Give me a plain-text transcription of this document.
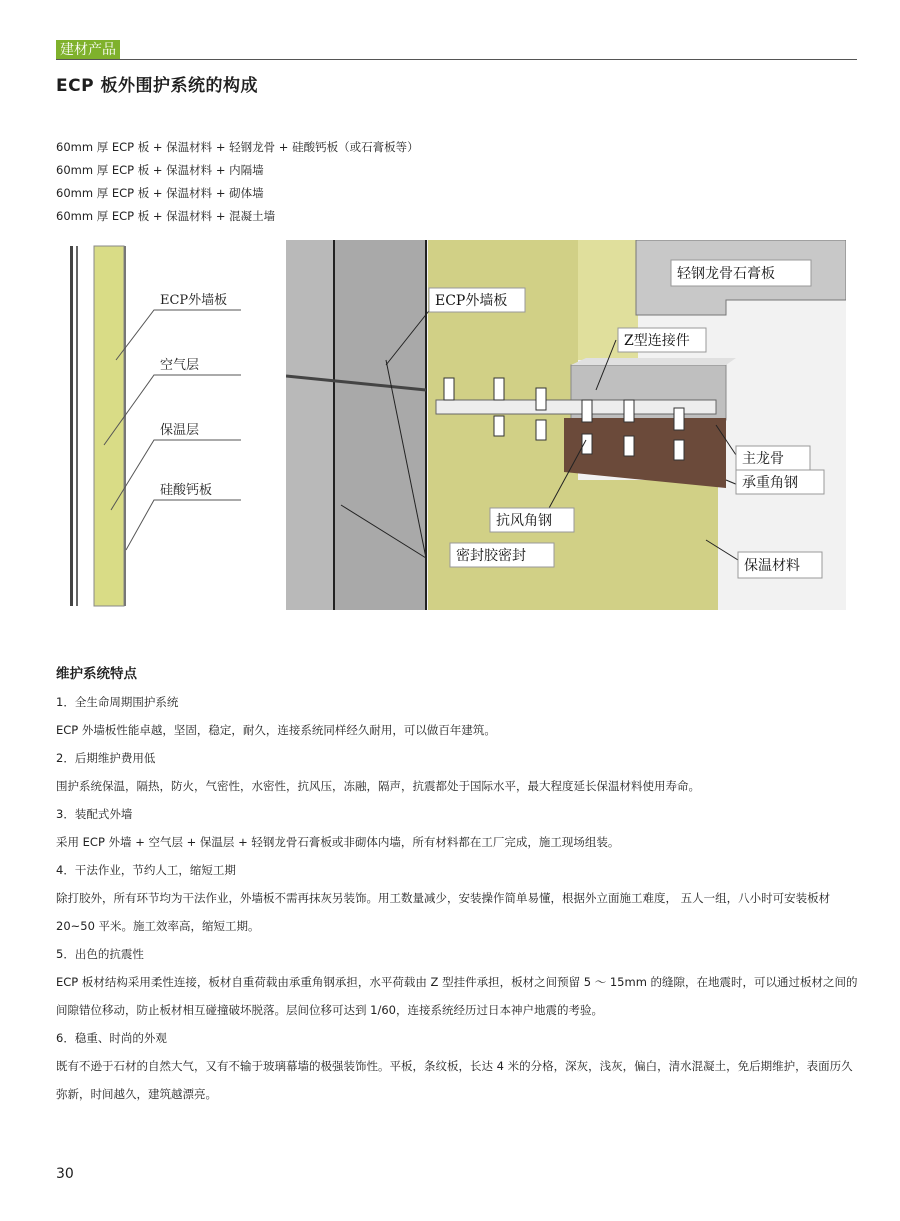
建材产品
ECP 板外围护系统的构成
60mm 厚 ECP 板 + 保温材料 + 轻钢龙骨 + 硅酸钙板（或石膏板等）
60mm 厚 ECP 板 + 保温材料 + 内隔墙
60mm 厚 ECP 板 + 保温材料 + 砌体墙
60mm 厚 ECP 板 + 保温材料 + 混凝土墙
ECP外墙板
空气层
保温层
硅酸钙板
ECP外墙板
Z型连接件
轻钢龙骨石膏板
主龙骨
承重角钢
抗风角钢
密封胶密封
保温材料
维护系统特点

1．全生命周期围护系统

ECP 外墙板性能卓越，坚固，稳定，耐久，连接系统同样经久耐用，可以做百年建筑。

2．后期维护费用低

围护系统保温，隔热，防火，气密性，水密性，抗风压，冻融，隔声，抗震都处于国际水平，最大程度延长保温材料使用寿命。

3．装配式外墙

采用 ECP 外墙 + 空气层 + 保温层 + 轻钢龙骨石膏板或非砌体内墙，所有材料都在工厂完成，施工现场组装。

4．干法作业，节约人工，缩短工期

除打胶外，所有环节均为干法作业，外墙板不需再抹灰另装饰。用工数量减少，安装操作简单易懂，根据外立面施工难度， 五人一组，八小时可安装板材 20~50 平米。施工效率高，缩短工期。

5．出色的抗震性

ECP 板材结构采用柔性连接，板材自重荷载由承重角钢承担，水平荷载由 Z 型挂件承担，板材之间预留 5 ～ 15mm 的缝隙，在地震时，可以通过板材之间的间隙错位移动，防止板材相互碰撞破坏脱落。层间位移可达到 1/60，连接系统经历过日本神户地震的考验。

6．稳重、时尚的外观

既有不逊于石材的自然大气，又有不输于玻璃幕墙的极强装饰性。平板，条纹板，长达 4 米的分格，深灰，浅灰，偏白，清水混凝土，免后期维护，表面历久弥新，时间越久，建筑越漂亮。

30
